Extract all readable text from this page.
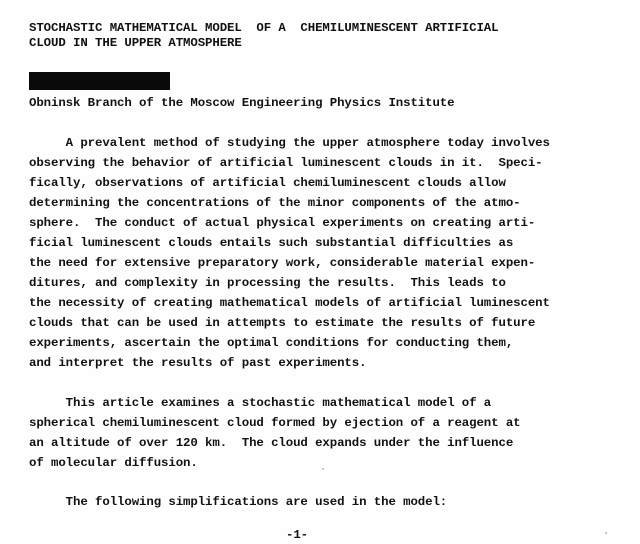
STOCHASTIC MATHEMATICAL MODEL  OF A  CHEMILUMINESCENT ARTIFICIAL
CLOUD IN THE UPPER ATMOSPHERE
Obninsk Branch of the Moscow Engineering Physics Institute
A prevalent method of studying the upper atmosphere today involves
observing the behavior of artificial luminescent clouds in it.  Speci-
fically, observations of artificial chemiluminescent clouds allow
determining the concentrations of the minor components of the atmo-
sphere.  The conduct of actual physical experiments on creating arti-
ficial luminescent clouds entails such substantial difficulties as
the need for extensive preparatory work, considerable material expen-
ditures, and complexity in processing the results.  This leads to
the necessity of creating mathematical models of artificial luminescent
clouds that can be used in attempts to estimate the results of future
experiments, ascertain the optimal conditions for conducting them,
and interpret the results of past experiments.
This article examines a stochastic mathematical model of a
spherical chemiluminescent cloud formed by ejection of a reagent at
an altitude of over 120 km.  The cloud expands under the influence
of molecular diffusion.
The following simplifications are used in the model:
-1-
